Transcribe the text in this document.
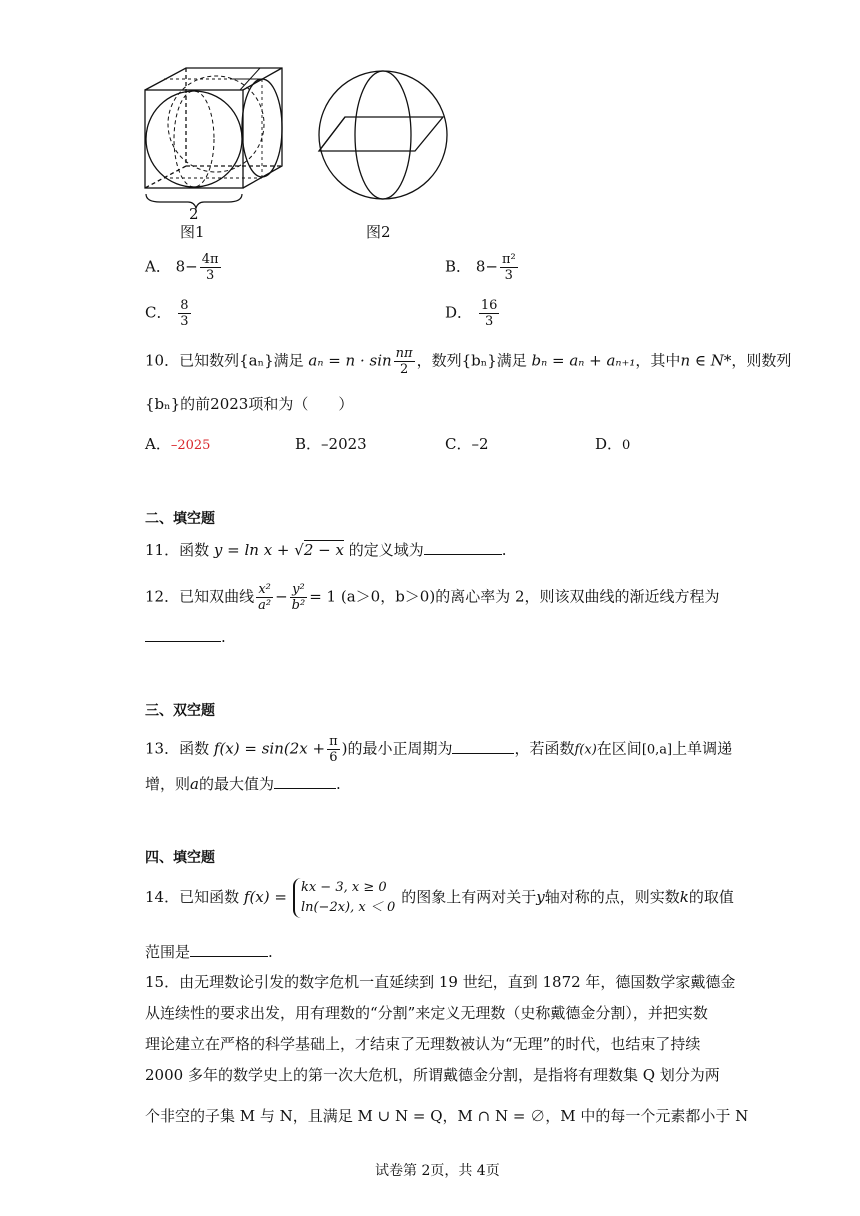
2
图1	图2
A． $8- \frac{4\pi}{3}$	B． $8- \frac{\text{π²}}{3}$
C． $\frac{8}{3}$	D． $\frac{16}{3}$
10．已知数列{aₙ}满足 $a_n = n \cdot \sin \frac{n\pi}{2}$ ，数列{bₙ}满足 bₙ = aₙ + aₙ₊₁，其中n ∈ N*，则数列
{bₙ}的前2023项和为（　　）
A．–2025	B．–2023	C．–2	D．0
二、填空题
11．函数 y = ln x + √2 − x 的定义域为	.
12．已知双曲线 $\frac{\text{x²}}{\text{a²}} - \frac{\text{y²}}{\text{b²}} = 1$ (a＞0，b＞0)的离心率为 2，则该双曲线的渐近线方程为
.
三、双空题
13．函数 $f(x) = \sin(2x + \frac{\pi}{6}$ )的最小正周期为	，若函数f(x)在区间[0,a]上单调递
增，则a的最大值为	.
四、填空题
14．已知函数 f(x) =
kx − 3, x ≥ 0
ln(−2x), x ＜ 0
的图象上有两对关于y轴对称的点，则实数k的取值
范围是	.
15．由无理数论引发的数字危机一直延续到 19 世纪，直到 1872 年，德国数学家戴德金
从连续性的要求出发，用有理数的“分割”来定义无理数（史称戴德金分割），并把实数
理论建立在严格的科学基础上，才结束了无理数被认为“无理”的时代，也结束了持续
2000 多年的数学史上的第一次大危机，所谓戴德金分割，是指将有理数集 Q 划分为两
个非空的子集 M 与 N，且满足 M ∪ N = Q，M ∩ N = ∅，M 中的每一个元素都小于 N
试卷第 2页，共 4页
